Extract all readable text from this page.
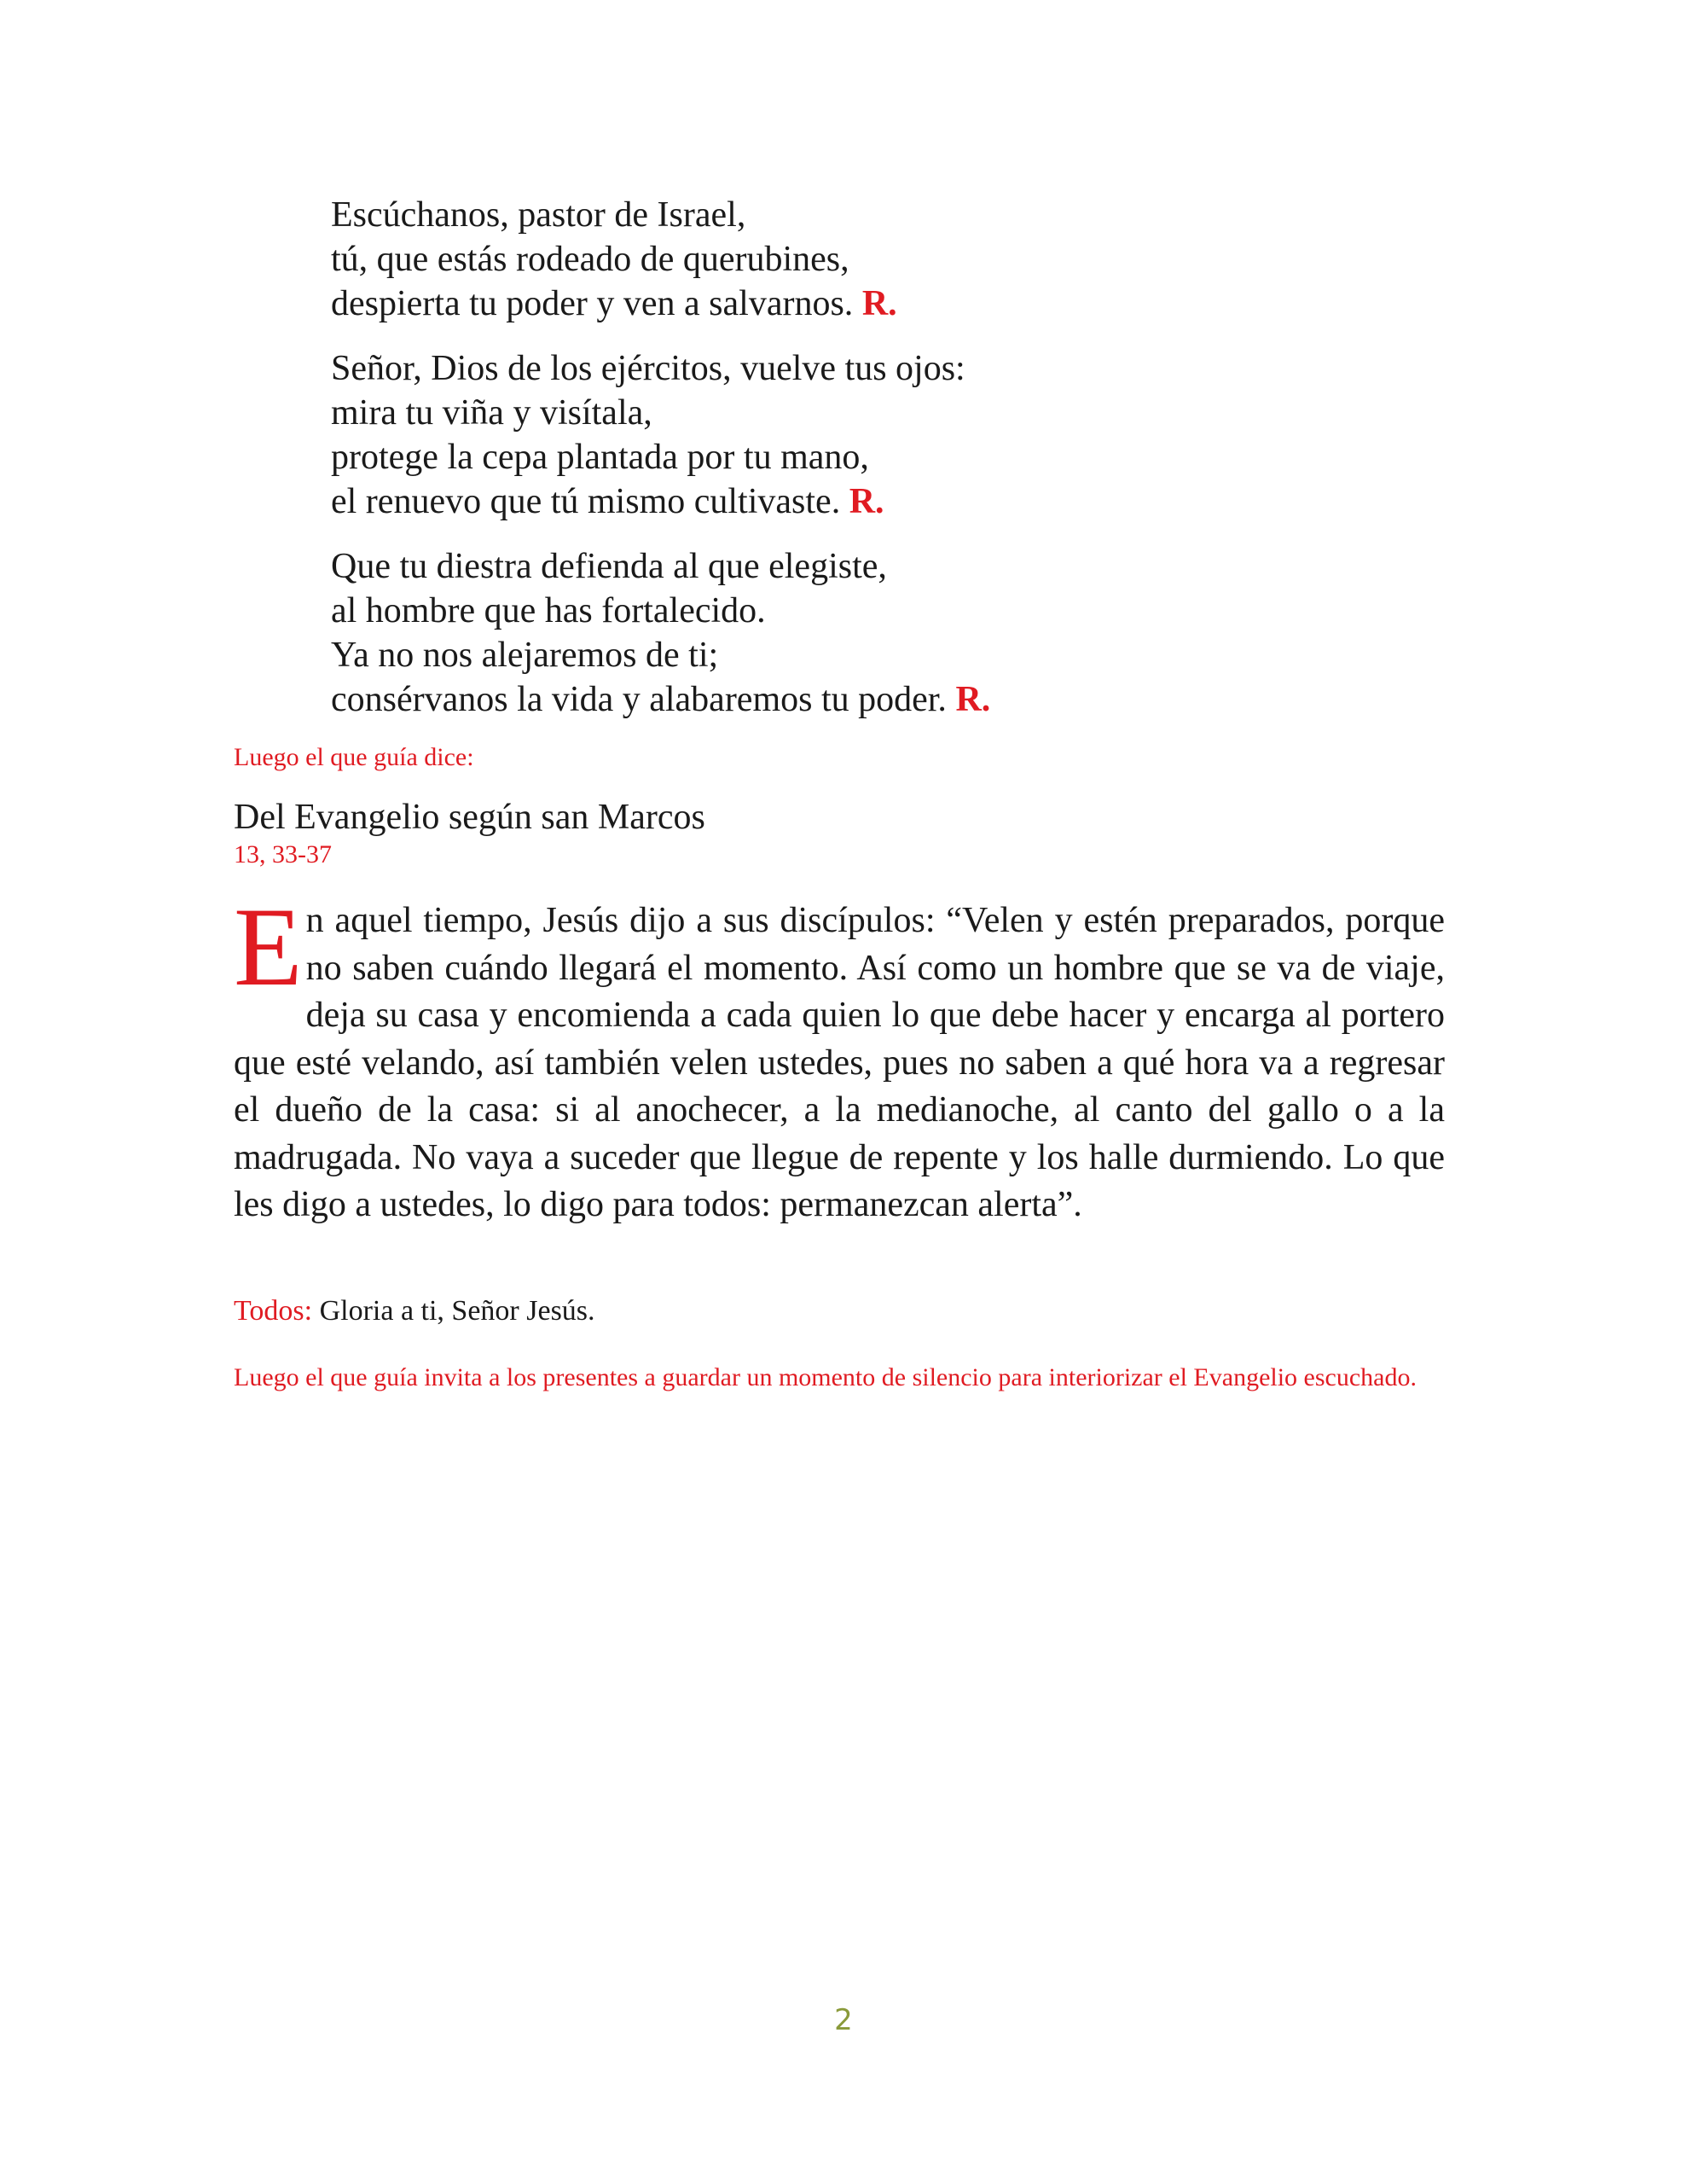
Escúchanos, pastor de Israel,
tú, que estás rodeado de querubines,
despierta tu poder y ven a salvarnos. R.

Señor, Dios de los ejércitos, vuelve tus ojos:
mira tu viña y visítala,
protege la cepa plantada por tu mano,
el renuevo que tú mismo cultivaste. R.

Que tu diestra defienda al que elegiste,
al hombre que has fortalecido.
Ya no nos alejaremos de ti;
consérvanos la vida y alabaremos tu poder. R.

Luego el que guía dice:
Del Evangelio según san Marcos
13, 33-37

En aquel tiempo, Jesús dijo a sus discípulos: “Velen y estén preparados, porque no saben cuándo llegará el momento. Así como un hombre que se va de viaje, deja su casa y encomienda a cada quien lo que debe hacer y encarga al portero que esté velando, así también velen ustedes, pues no saben a qué hora va a regresar el dueño de la casa: si al anochecer, a la medianoche, al canto del gallo o a la madrugada. No vaya a suceder que llegue de repente y los halle durmiendo. Lo que les digo a ustedes, lo digo para todos: permanezcan alerta”.

Todos: Gloria a ti, Señor Jesús.
Luego el que guía invita a los presentes a guardar un momento de silencio para interiorizar el Evangelio escuchado.
2
